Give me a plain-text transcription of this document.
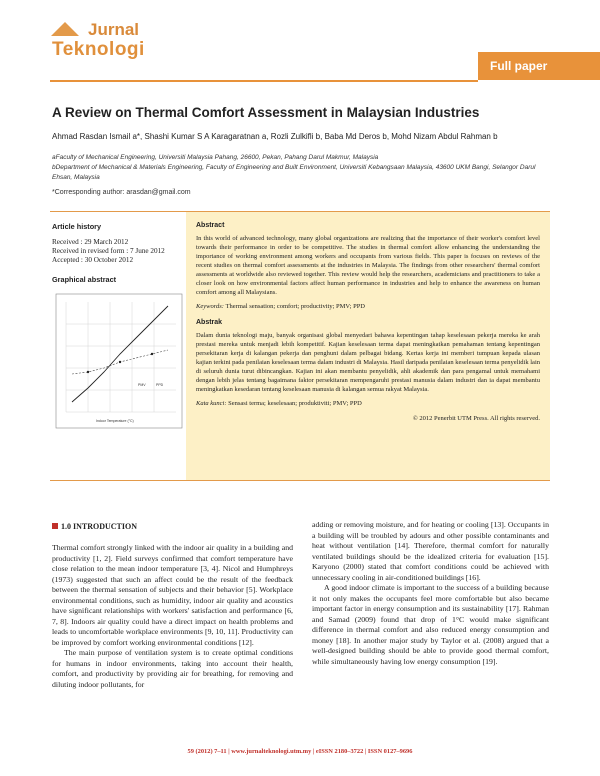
Jurnal
Teknologi
Full paper
A Review on Thermal Comfort Assessment in Malaysian Industries
Ahmad Rasdan Ismail a*, Shashi Kumar S A Karagaratnan a, Rozli Zulkifli b, Baba Md Deros b, Mohd Nizam Abdul Rahman b
aFaculty of Mechanical Engineering, Universiti Malaysia Pahang, 26600, Pekan, Pahang Darul Makmur, Malaysia
bDepartment of Mechanical & Materials Engineering, Faculty of Engineering and Built Environment, Universiti Kebangsaan Malaysia, 43600 UKM Bangi, Selangor Darul Ehsan, Malaysia
*Corresponding author: arasdan@gmail.com
Article history
Received : 29 March 2012
Received in revised form : 7 June 2012
Accepted : 30 October 2012
Graphical abstract
PMV	PPD
Indoor Temperature (°C)
Abstract

In this world of advanced technology, many global organizations are realizing that the importance of their worker's comfort level towards their performance in order to be competitive. The studies in thermal comfort allow enhancing the understanding the importance of working environment among workers and occupants from various fields. This paper is focuses on reviews of the recent studies on thermal comfort assessments at the industries in Malaysia. The findings from other researchers' thermal comfort assessments at worldwide also reviewed together. This review would help the researchers, academicians and practitioners to take a closer look on how environmental factors affect human performance in industries and help to enhance the awareness on human comfort among all Malaysians.

Keywords: Thermal sensation; comfort; productivity; PMV; PPD
Abstrak

Dalam dunia teknologi maju, banyak organisasi global menyedari bahawa kepentingan tahap keselesaan pekerja mereka ke arah prestasi mereka untuk menjadi lebih kompetitif. Kajian keselesaan terma dapat meningkatkan pemahaman tentang kepentingan persekitaran kerja di kalangan pekerja dan penghuni dalam pelbagai bidang. Kertas kerja ini memberi tumpuan kepada ulasan kajian terkini pada penilaian keselesaan terma dalam industri di Malaysia. Hasil daripada penilaian keselesaan terma penyelidik lain di seluruh dunia turut dibincangkan. Kajian ini akan membantu penyelidik, ahli akademik dan para pengamal untuk memahami dengan lebih jelas tentang bagaimana faktor persekitaran mempengaruhi prestasi manusia dalam industri dan ia dapat membantu meningkatkan kesedaran tentang keselesaan manusia di kalangan semua rakyat Malaysia.

Kata kunci: Sensasi terma; keselesaan; produktiviti; PMV; PPD
© 2012 Penerbit UTM Press. All rights reserved.
1.0 INTRODUCTION

Thermal comfort strongly linked with the indoor air quality in a building and productivity [1, 2]. Field surveys confirmed that comfort temperature have close relation to the mean indoor temperature [3, 4]. Nicol and Humphreys (1973) suggested that such an affect could be the result of the feedback between the thermal sensation of subjects and their behavior [5]. Workplace environmental conditions, such as humidity, indoor air quality and acoustics have significant relationships with workers' satisfaction and performance [6, 7, 8]. Indoors air quality could have a direct impact on health problems and leads to uncomfortable workplace environments [9, 10, 11]. Productivity can be improved by comfort working environmental conditions [12].

The main purpose of ventilation system is to create optimal conditions for humans in indoor environments, taking into account their health, comfort, and productivity by providing air for breathing, for removing and diluting indoor pollutants, for

adding or removing moisture, and for heating or cooling [13]. Occupants in a building will be troubled by adours and other possible contaminants and heat without ventilation [14]. Therefore, thermal comfort for naturally ventilated buildings should be the idealized criteria for evaluation [15]. Karyono (2000) stated that comfort conditions could be achieved with unnecessary cooling in air-conditioned buildings [16].

A good indoor climate is important to the success of a building because it not only makes the occupants feel more comfortable but also became important factor in energy consumption and its sustainability [17]. Rahman and Samad (2009) found that drop of 1°C would make significant difference in thermal comfort and also reduced energy consumption and money [18]. In another major study by Taylor et al. (2008) argued that a well-designed building should be able to provide good thermal comfort, while simultaneously having low energy consumption [19].

59 (2012) 7–11 | www.jurnalteknologi.utm.my | eISSN 2180–3722 | ISSN 0127–9696
